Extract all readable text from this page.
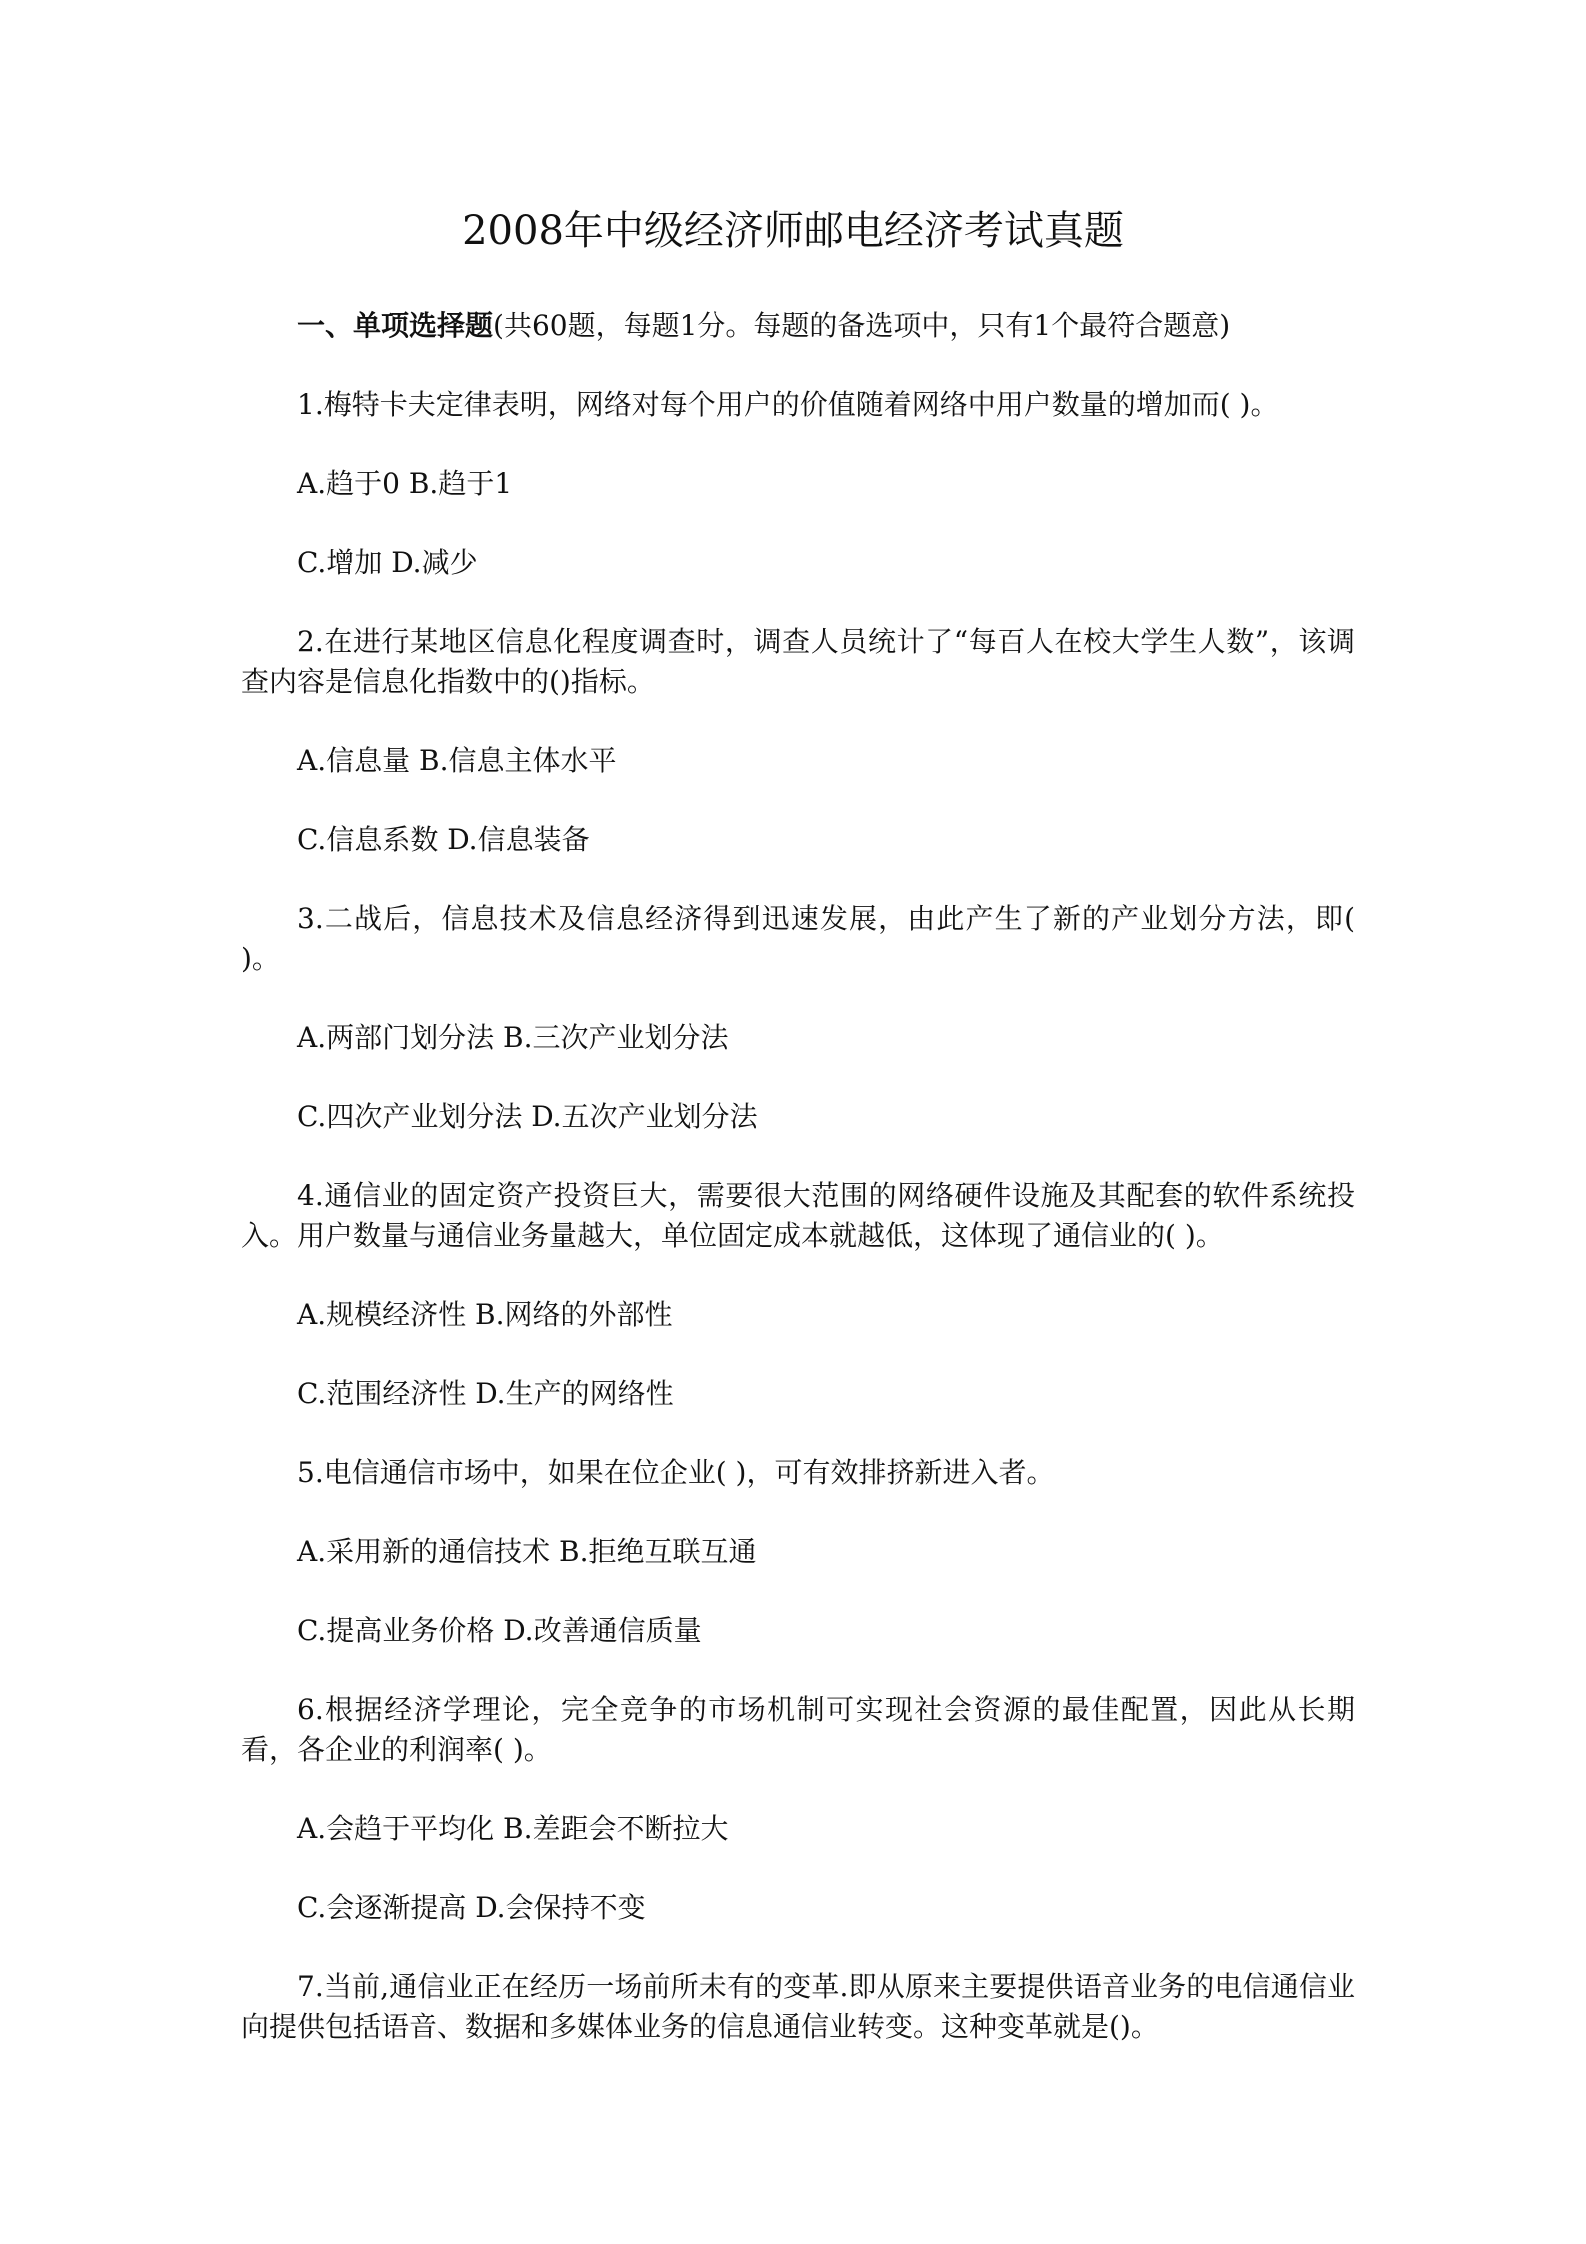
2008年中级经济师邮电经济考试真题

一、单项选择题(共60题，每题1分。每题的备选项中，只有1个最符合题意)

1.梅特卡夫定律表明，网络对每个用户的价值随着网络中用户数量的增加而( )。

A.趋于0 B.趋于1

C.增加 D.减少

2.在进行某地区信息化程度调查时，调查人员统计了“每百人在校大学生人数”，该调查内容是信息化指数中的()指标。

A.信息量 B.信息主体水平

C.信息系数 D.信息装备

3.二战后，信息技术及信息经济得到迅速发展，由此产生了新的产业划分方法，即( )。

A.两部门划分法 B.三次产业划分法

C.四次产业划分法 D.五次产业划分法

4.通信业的固定资产投资巨大，需要很大范围的网络硬件设施及其配套的软件系统投入。用户数量与通信业务量越大，单位固定成本就越低，这体现了通信业的( )。

A.规模经济性 B.网络的外部性

C.范围经济性 D.生产的网络性

5.电信通信市场中，如果在位企业( )，可有效排挤新进入者。

A.采用新的通信技术 B.拒绝互联互通

C.提高业务价格 D.改善通信质量

6.根据经济学理论，完全竞争的市场机制可实现社会资源的最佳配置，因此从长期看，各企业的利润率( )。

A.会趋于平均化 B.差距会不断拉大

C.会逐渐提高 D.会保持不变

7.当前,通信业正在经历一场前所未有的变革.即从原来主要提供语音业务的电信通信业向提供包括语音、数据和多媒体业务的信息通信业转变。这种变革就是()。
